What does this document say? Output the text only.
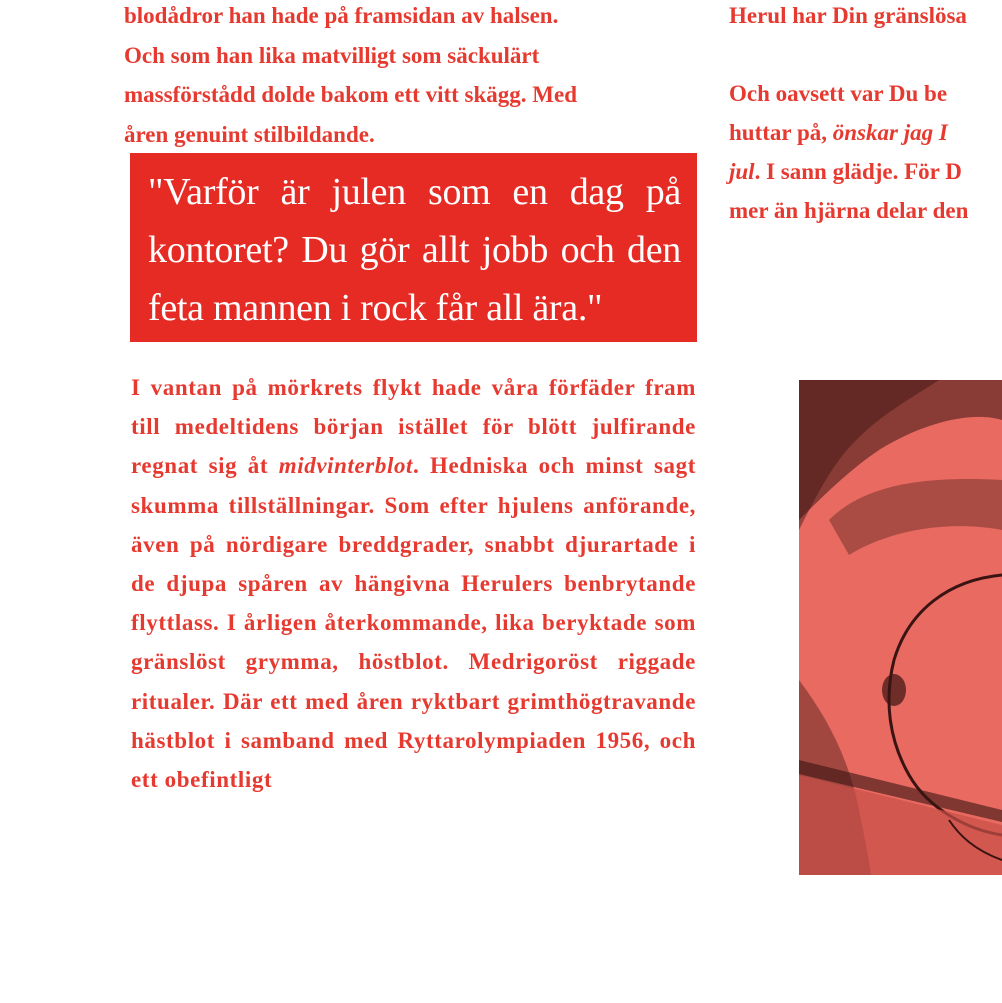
blodådror han hade på framsidan av halsen.

Och som han lika matvilligt som säckulärt

massförstådd dolde bakom ett vitt skägg. Med

åren genuint stilbildande.

"Varför är julen som en dag på kontoret? Du gör allt jobb och den feta mannen i rock får all ära."

I vantan på mörkrets flykt hade våra förfäder fram till medeltidens början istället för blött julfirande regnat sig åt midvinterblot. Hedniska och minst sagt skumma tillställningar. Som efter hjulens anförande, även på nördigare breddgrader, snabbt djurartade i de djupa spåren av hängivna Herulers benbrytande flyttlass. I årligen återkommande, lika beryktade som gränslöst grymma, höstblot. Medrigoröst riggade ritualer. Där ett med åren ryktbart grimthögtravande hästblot i samband med Ryttarolympiaden 1956, och ett obefintligt

Herul har Din gränslösa

Och oavsett var Du be

huttar på, önskar jag I

jul. I sann glädje. För D

mer än hjärna delar den
